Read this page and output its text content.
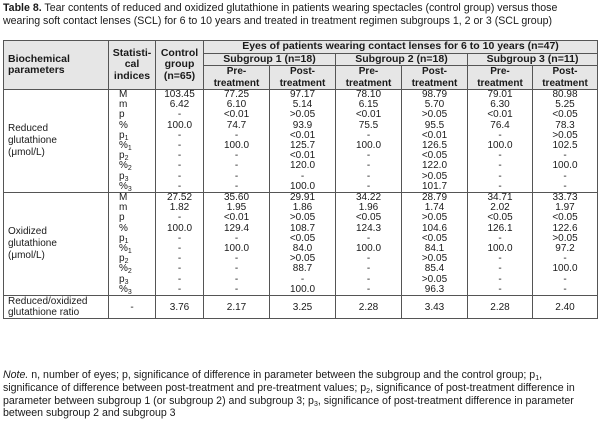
Table 8. Tear contents of reduced and oxidized glutathione in patients wearing spectacles (control group) versus those wearing soft contact lenses (SCL) for 6 to 10 years and treated in treatment regimen subgroups 1, 2 or 3 (SCL group)
Biochemical parameters	Statisti-cal indices	Control group (n=65)	Eyes of patients wearing contact lenses for 6 to 10 years (n=47)					
			Subgroup 1 (n=18)		Subgroup 2 (n=18)		Subgroup 3 (n=11)	
			Pre-treatment	Post-treatment	Pre-treatment	Post-treatment	Pre-treatment	Post-treatment
Reduced
glutathione
(μmol/L)	M	103.45	77.25	97.17	78.10	98.79	79.01	80.98
	m	6.42	6.10	5.14	6.15	5.70	6.30	5.25
	p	-	<0.01	>0.05	<0.01	>0.05	<0.01	<0.05
	%	100.0	74.7	93.9	75.5	95.5	76.4	78.3
	$p_1$	-	-	<0.01	-	<0.01	-	>0.05
	$\%_1$	-	100.0	125.7	100.0	126.5	100.0	102.5
	$p_2$	-	-	<0.01	-	<0.05	-	-
	$\%_2$	-	-	120.0	-	122.0	-	100.0
	$p_3$	-	-	-	-	>0.05	-	-
	$\%_3$	-	-	100.0	-	101.7	-	-
Oxidized
glutathione
(μmol/L)	M	27.52	35.60	29.91	34.22	28.79	34.71	33.73
	m	1.82	1.95	1.86	1.96	1.74	2.02	1.97
	p	-	<0.01	>0.05	<0.05	>0.05	<0.05	<0.05
	%	100.0	129.4	108.7	124.3	104.6	126.1	122.6
	$p_1$	-	-	<0.05	-	<0.05	-	>0.05
	$\%_1$	-	100.0	84.0	100.0	84.1	100.0	97.2
	$p_2$	-	-	>0.05	-	>0.05	-	-
	$\%_2$	-	-	88.7	-	85.4	-	100.0
	$p_3$	-	-	-	-	>0.05	-	-
	$\%_3$	-	-	100.0	-	96.3	-	-
Reduced/oxidized
glutathione ratio	-	3.76	2.17	3.25	2.28	3.43	2.28	2.40
Note. n, number of eyes; p, significance of difference in parameter between the subgroup and the control group; $p_1$, significance of difference between post-treatment and pre-treatment values; $p_2$, significance of post-treatment difference in parameter between subgroup 1 (or subgroup 2) and subgroup 3; $p_3$, significance of post-treatment difference in parameter between subgroup 2 and subgroup 3
